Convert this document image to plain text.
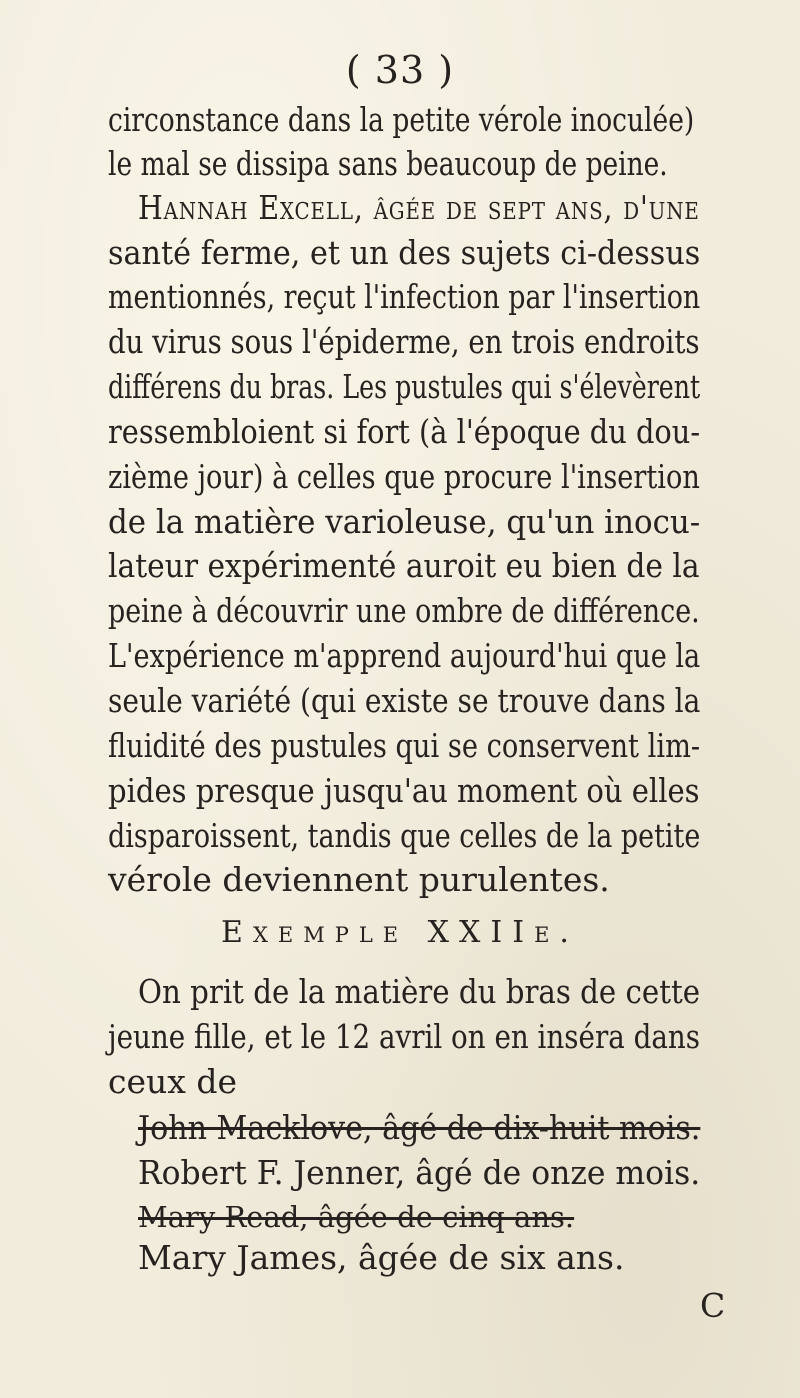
( 33 )

circonstance dans la petite vérole inoculée)
le mal se dissipa sans beaucoup de peine.
Hannah Excell, âgée de sept ans, d'une
santé ferme, et un des sujets ci-dessus
mentionnés, reçut l'infection par l'insertion
du virus sous l'épiderme, en trois endroits
différens du bras. Les pustules qui s'élevèrent
ressembloient si fort (à l'époque du dou-
zième jour) à celles que procure l'insertion
de la matière varioleuse, qu'un inocu-
lateur expérimenté auroit eu bien de la
peine à découvrir une ombre de différence.
L'expérience m'apprend aujourd'hui que la
seule variété (qui existe se trouve dans la
fluidité des pustules qui se conservent lim-
pides presque jusqu'au moment où elles
disparoissent, tandis que celles de la petite
vérole deviennent purulentes.
Exemple XXIIe.
On prit de la matière du bras de cette
jeune fille, et le 12 avril on en inséra dans
ceux de
John Macklove, âgé de dix-huit mois.
Robert F. Jenner, âgé de onze mois.
Mary Read, âgée de cinq ans.
Mary James, âgée de six ans.
C
